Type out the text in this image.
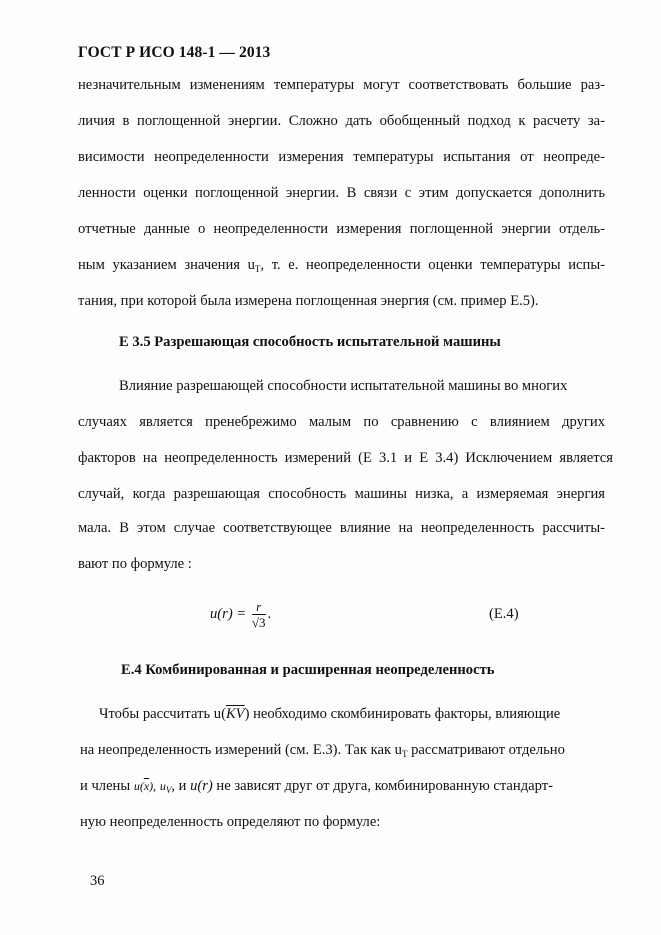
ГОСТ Р ИСО 148-1 — 2013
незначительным изменениям температуры могут соответствовать большие раз-
личия в поглощенной энергии. Сложно дать обобщенный подход к расчету за-
висимости неопределенности измерения температуры испытания от неопреде-
ленности оценки поглощенной энергии. В связи с этим допускается дополнить
отчетные данные о неопределенности измерения поглощенной энергии отдель-
ным указанием значения $u_T$, т. е. неопределенности оценки температуры испы-
тания, при которой была измерена поглощенная энергия (см. пример Е.5).
Е 3.5 Разрешающая способность испытательной машины
Влияние разрешающей способности испытательной машины во многих
случаях является пренебрежимо малым по сравнению с влиянием других
факторов на неопределенность измерений (Е 3.1 и Е 3.4) Исключением является
случай, когда разрешающая способность машины низка, а измеряемая энергия
мала. В этом случае соответствующее влияние на неопределенность рассчиты-
вают по формуле :
$u(r) = \frac{r}{√3}$ .	(Е.4)
Е.4 Комбинированная и расширенная неопределенность
Чтобы рассчитать $u(\overline{KV})$ необходимо скомбинировать факторы, влияющие
на неопределенность измерений (см. Е.3). Так как $u_T$ рассматривают отдельно
и члены $u(\overline{x})$, $u_V$, и u(r) не зависят друг от друга, комбинированную стандарт-
ную неопределенность определяют по формуле:
36
